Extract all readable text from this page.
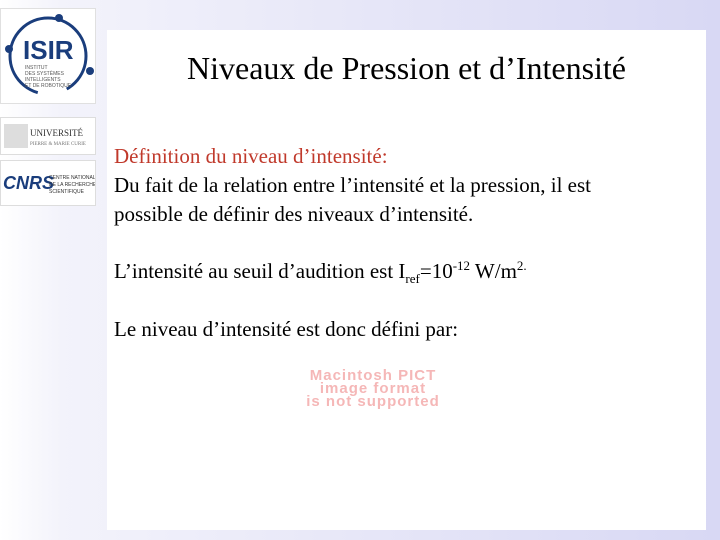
ISIR
INSTITUT
DES SYSTÈMES
INTELLIGENTS
ET DE ROBOTIQUE
UNIVERSITÉ
PIERRE & MARIE CURIE
CNRS
CENTRE NATIONAL
DE LA RECHERCHE
SCIENTIFIQUE
Niveaux de Pression et d’Intensité

Définition du niveau d’intensité:

Du fait de la relation entre l’intensité et la pression, il est

possible de définir des niveaux d’intensité.

L’intensité au seuil d’audition est $I_{ref}=10^{-12}$ $W/m^{2.}$

Le niveau d’intensité est donc défini par:

Macintosh PICT
image format
is not supported
